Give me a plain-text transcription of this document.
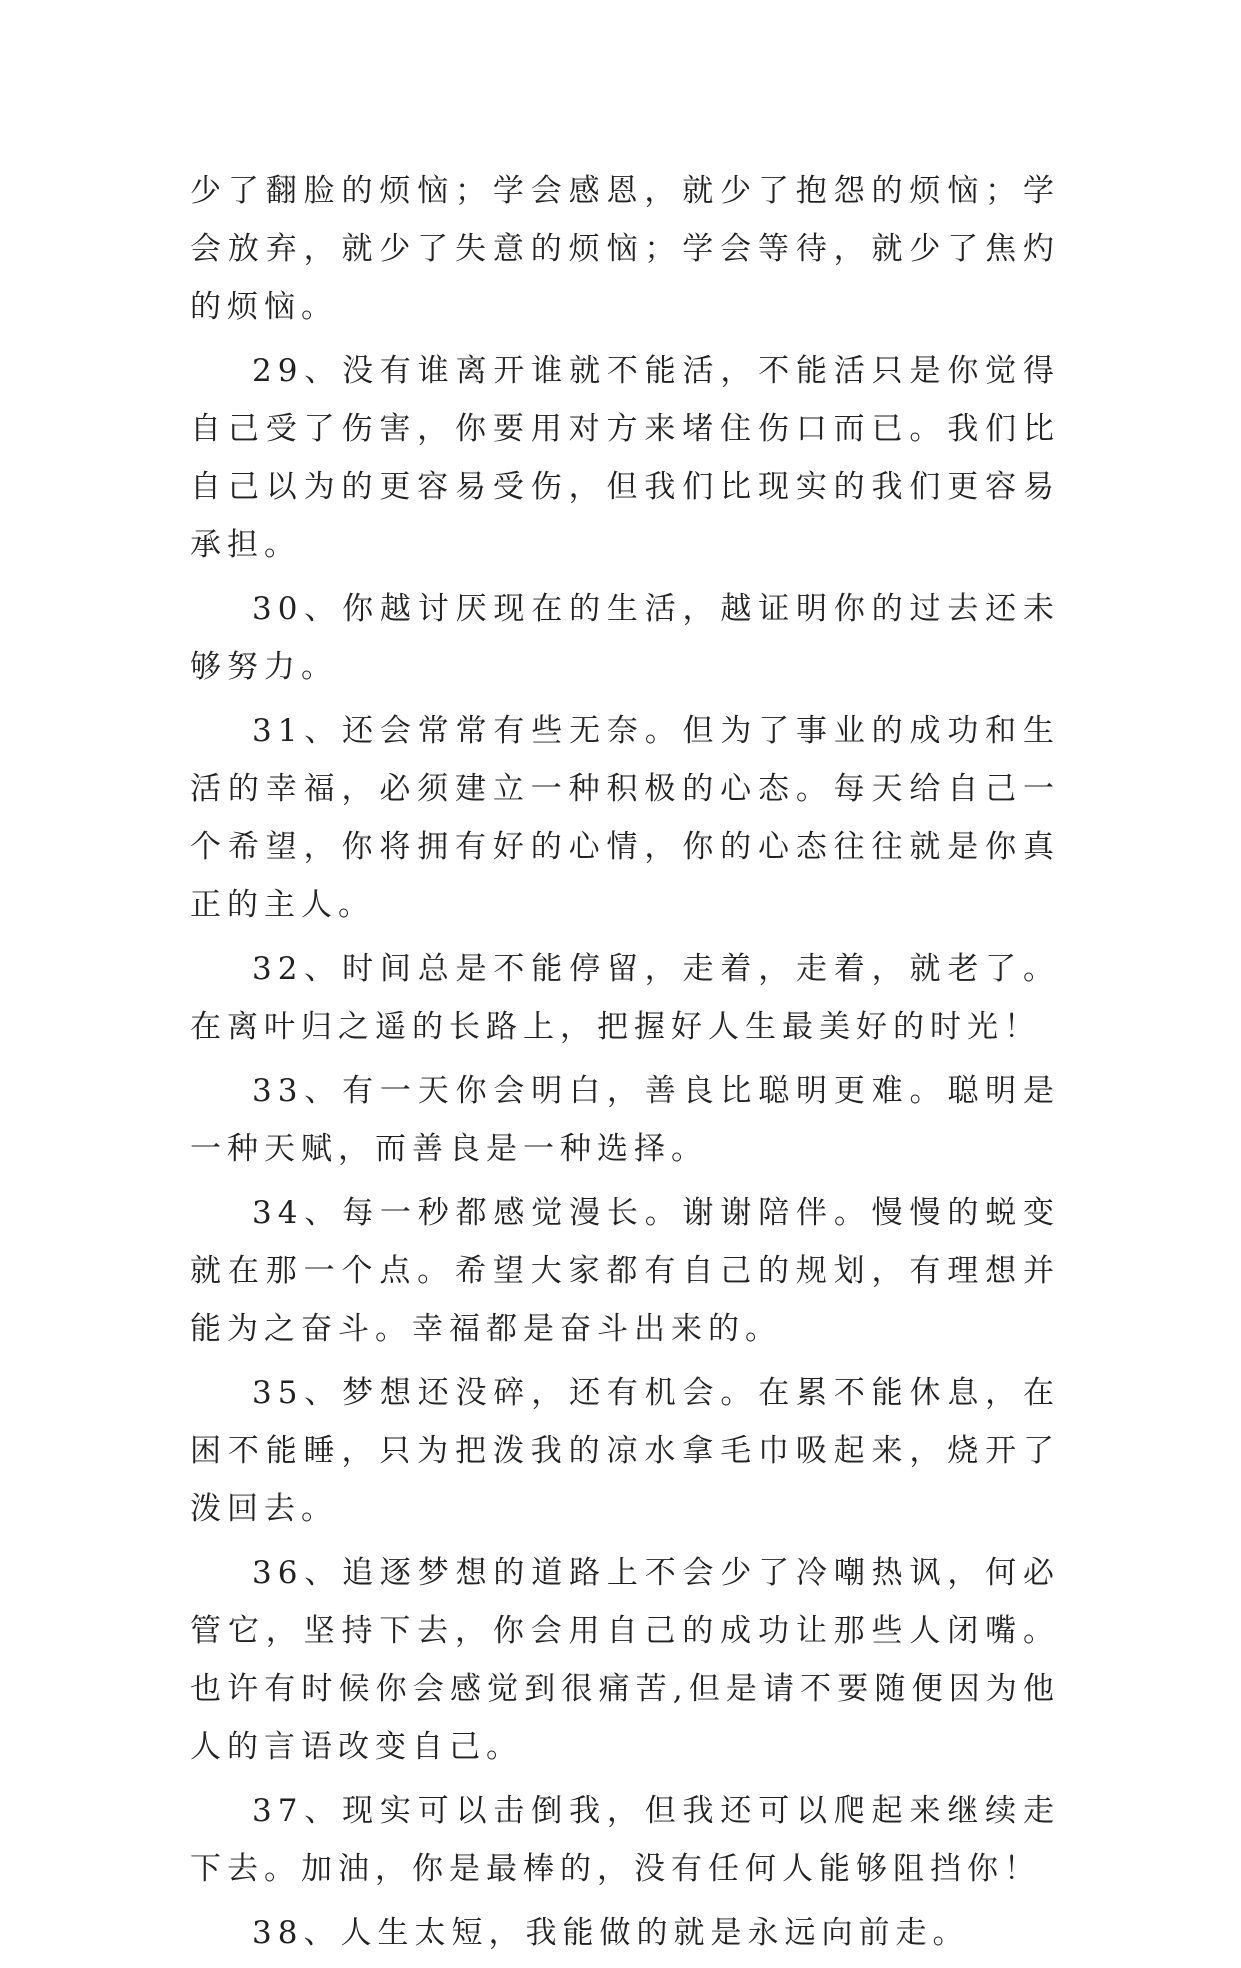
少了翻脸的烦恼；学会感恩，就少了抱怨的烦恼；学会放弃，就少了失意的烦恼；学会等待，就少了焦灼的烦恼。

29、没有谁离开谁就不能活，不能活只是你觉得自己受了伤害，你要用对方来堵住伤口而已。我们比自己以为的更容易受伤，但我们比现实的我们更容易承担。

30、你越讨厌现在的生活，越证明你的过去还未够努力。

31、还会常常有些无奈。但为了事业的成功和生活的幸福，必须建立一种积极的心态。每天给自己一个希望，你将拥有好的心情，你的心态往往就是你真正的主人。

32、时间总是不能停留，走着，走着，就老了。在离叶归之遥的长路上，把握好人生最美好的时光！

33、有一天你会明白，善良比聪明更难。聪明是一种天赋，而善良是一种选择。

34、每一秒都感觉漫长。谢谢陪伴。慢慢的蜕变就在那一个点。希望大家都有自己的规划，有理想并能为之奋斗。幸福都是奋斗出来的。

35、梦想还没碎，还有机会。在累不能休息，在困不能睡，只为把泼我的凉水拿毛巾吸起来，烧开了泼回去。

36、追逐梦想的道路上不会少了冷嘲热讽，何必管它，坚持下去，你会用自己的成功让那些人闭嘴。也许有时候你会感觉到很痛苦,但是请不要随便因为他人的言语改变自己。

37、现实可以击倒我，但我还可以爬起来继续走下去。加油，你是最棒的，没有任何人能够阻挡你！

38、人生太短，我能做的就是永远向前走。
